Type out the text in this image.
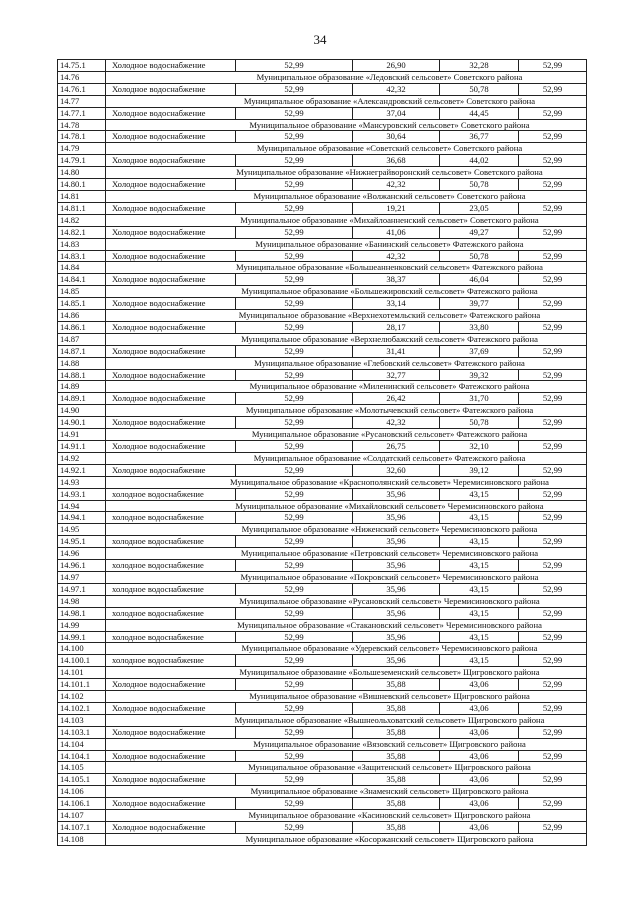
34
14.75.1	Холодное водоснабжение	52,99	26,90	32,28	52,99
14.76	Муниципальное образование «Ледовский сельсовет» Советского района				
14.76.1	Холодное водоснабжение	52,99	42,32	50,78	52,99
14.77	Муниципальное образование «Александровский сельсовет» Советского района				
14.77.1	Холодное водоснабжение	52,99	37,04	44,45	52,99
14.78	Муниципальное образование «Мансуровский сельсовет» Советского района				
14.78.1	Холодное водоснабжение	52,99	30,64	36,77	52,99
14.79	Муниципальное образование «Советский сельсовет» Советского района				
14.79.1	Холодное водоснабжение	52,99	36,68	44,02	52,99
14.80	Муниципальное образование «Нижнеграйворонский сельсовет» Советского района				
14.80.1	Холодное водоснабжение	52,99	42,32	50,78	52,99
14.81	Муниципальное образование «Волжанский сельсовет» Советского района				
14.81.1	Холодное водоснабжение	52,99	19,21	23,05	52,99
14.82	Муниципальное образование «Михайлоанненский сельсовет» Советского района				
14.82.1	Холодное водоснабжение	52,99	41,06	49,27	52,99
14.83	Муниципальное образование «Банинский сельсовет» Фатежского района				
14.83.1	Холодное водоснабжение	52,99	42,32	50,78	52,99
14.84	Муниципальное образование «Большеанненковский сельсовет» Фатежского района				
14.84.1	Холодное водоснабжение	52,99	38,37	46,04	52,99
14.85	Муниципальное образование «Большежировский сельсовет» Фатежского района				
14.85.1	Холодное водоснабжение	52,99	33,14	39,77	52,99
14.86	Муниципальное образование «Верхнехотемльский сельсовет» Фатежского района				
14.86.1	Холодное водоснабжение	52,99	28,17	33,80	52,99
14.87	Муниципальное образование «Верхнелюбажский сельсовет» Фатежского района				
14.87.1	Холодное водоснабжение	52,99	31,41	37,69	52,99
14.88	Муниципальное образование «Глебовский сельсовет» Фатежского района				
14.88.1	Холодное водоснабжение	52,99	32,77	39,32	52,99
14.89	Муниципальное образование «Миленинский сельсовет» Фатежского района				
14.89.1	Холодное водоснабжение	52,99	26,42	31,70	52,99
14.90	Муниципальное образование «Молотычевский сельсовет» Фатежского района				
14.90.1	Холодное водоснабжение	52,99	42,32	50,78	52,99
14.91	Муниципальное образование «Русановский сельсовет» Фатежского района				
14.91.1	Холодное водоснабжение	52,99	26,75	32,10	52,99
14.92	Муниципальное образование «Солдатский сельсовет» Фатежского района				
14.92.1	Холодное водоснабжение	52,99	32,60	39,12	52,99
14.93	Муниципальное образование «Краснополянский сельсовет» Черемисиновского района				
14.93.1	холодное водоснабжение	52,99	35,96	43,15	52,99
14.94	Муниципальное образование «Михайловский сельсовет» Черемисиновского района				
14.94.1	холодное водоснабжение	52,99	35,96	43,15	52,99
14.95	Муниципальное образование «Ниженский сельсовет» Черемисиновского района				
14.95.1	холодное водоснабжение	52,99	35,96	43,15	52,99
14.96	Муниципальное образование «Петровский сельсовет» Черемисиновского района				
14.96.1	холодное водоснабжение	52,99	35,96	43,15	52,99
14.97	Муниципальное образование «Покровский сельсовет» Черемисиновского района				
14.97.1	холодное водоснабжение	52,99	35,96	43,15	52,99
14.98	Муниципальное образование «Русановский сельсовет» Черемисиновского района				
14.98.1	холодное водоснабжение	52,99	35,96	43,15	52,99
14.99	Муниципальное образование «Стакановский сельсовет» Черемисиновского района				
14.99.1	холодное водоснабжение	52,99	35,96	43,15	52,99
14.100	Муниципальное образование «Удеревский сельсовет» Черемисиновского района				
14.100.1	холодное водоснабжение	52,99	35,96	43,15	52,99
14.101	Муниципальное образование «Большеземенский сельсовет» Щигровского района				
14.101.1	Холодное водоснабжение	52,99	35,88	43,06	52,99
14.102	Муниципальное образование «Вишневский сельсовет» Щигровского района				
14.102.1	Холодное водоснабжение	52,99	35,88	43,06	52,99
14.103	Муниципальное образование «Вышнеольховатский сельсовет» Щигровского района				
14.103.1	Холодное водоснабжение	52,99	35,88	43,06	52,99
14.104	Муниципальное образование «Вязовский сельсовет» Щигровского района				
14.104.1	Холодное водоснабжение	52,99	35,88	43,06	52,99
14.105	Муниципальное образование «Защитенский сельсовет» Щигровского района				
14.105.1	Холодное водоснабжение	52,99	35,88	43,06	52,99
14.106	Муниципальное образование «Знаменский сельсовет» Щигровского района				
14.106.1	Холодное водоснабжение	52,99	35,88	43,06	52,99
14.107	Муниципальное образование «Касиновский сельсовет» Щигровского района				
14.107.1	Холодное водоснабжение	52,99	35,88	43,06	52,99
14.108	Муниципальное образование «Косоржанский сельсовет» Щигровского района				
